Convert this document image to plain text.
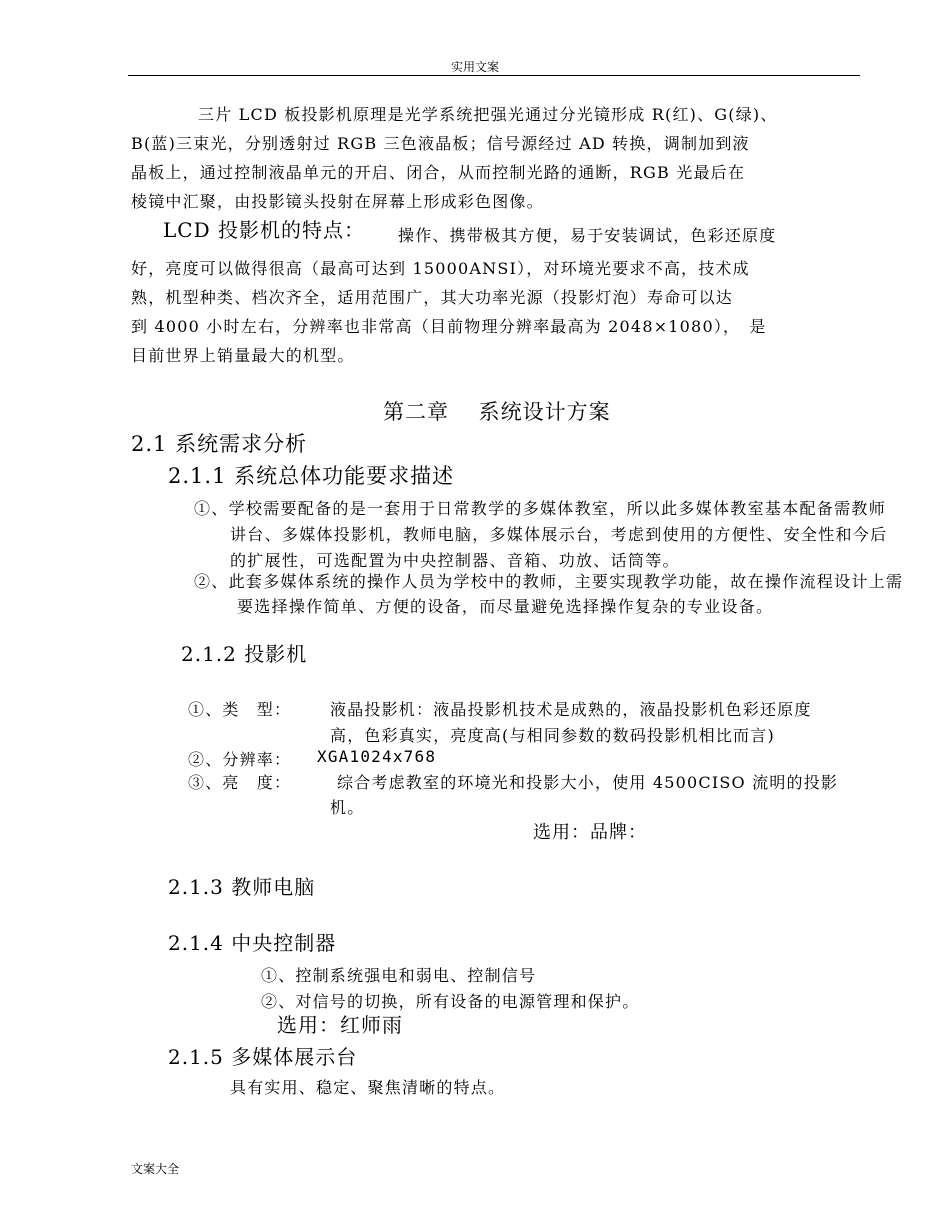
实用文案
三片 LCD 板投影机原理是光学系统把强光通过分光镜形成 R(红)、G(绿)、
B(蓝)三束光，分别透射过 RGB 三色液晶板；信号源经过 AD 转换，调制加到液
晶板上，通过控制液晶单元的开启、闭合，从而控制光路的通断，RGB 光最后在
棱镜中汇聚，由投影镜头投射在屏幕上形成彩色图像。
LCD 投影机的特点： 操作、携带极其方便，易于安装调试，色彩还原度
好，亮度可以做得很高（最高可达到 15000ANSI），对环境光要求不高，技术成
熟，机型种类、档次齐全，适用范围广，其大功率光源（投影灯泡）寿命可以达
到 4000 小时左右，分辨率也非常高（目前物理分辨率最高为 2048×1080），　是
目前世界上销量最大的机型。
第二章　 系统设计方案
2.1 系统需求分析
2.1.1 系统总体功能要求描述
①、学校需要配备的是一套用于日常教学的多媒体教室，所以此多媒体教室基本配备需教师讲台、多媒体投影机，教师电脑，多媒体展示台，考虑到使用的方便性、安全性和今后的扩展性，可选配置为中央控制器、音箱、功放、话筒等。
②、此套多媒体系统的操作人员为学校中的教师，主要实现教学功能，故在操作流程设计上需要选择操作简单、方便的设备，而尽量避免选择操作复杂的专业设备。
2.1.2 投影机
①、类　型： 液晶投影机：液晶投影机技术是成熟的，液晶投影机色彩还原度
高，色彩真实，亮度高(与相同参数的数码投影机相比而言)
②、分辨率： XGA1024x768
③、亮　度：	综合考虑教室的环境光和投影大小，使用 4500CISO 流明的投影
机。
选用：品牌：
2.1.3 教师电脑
2.1.4 中央控制器
①、控制系统强电和弱电、控制信号
②、对信号的切换，所有设备的电源管理和保护。
选用：红师雨
2.1.5 多媒体展示台
具有实用、稳定、聚焦清晰的特点。
文案大全
